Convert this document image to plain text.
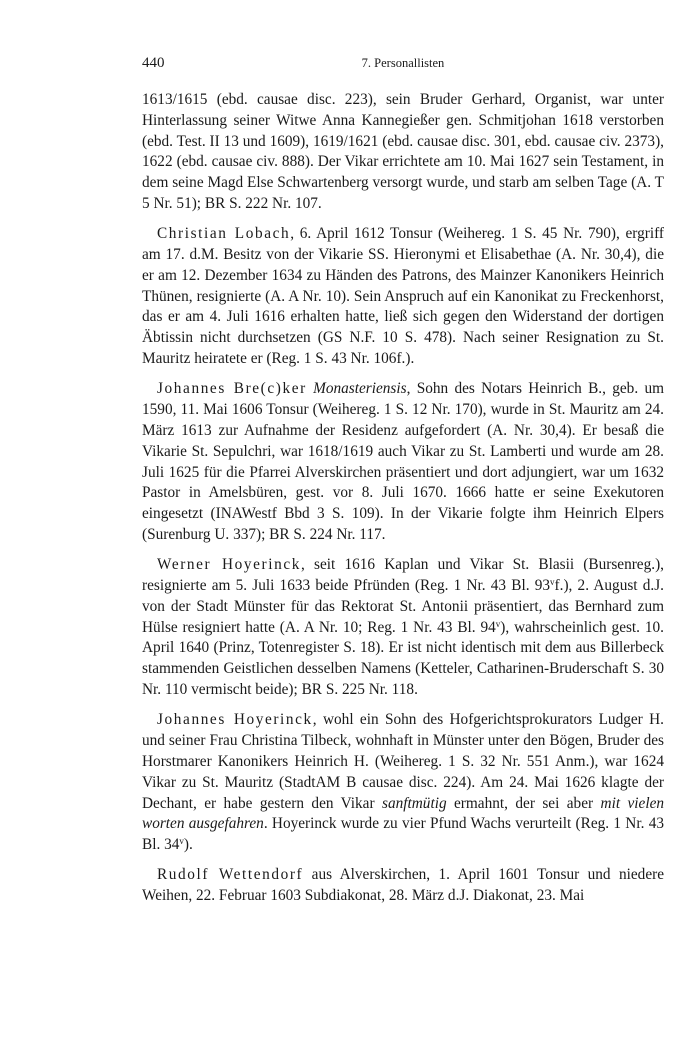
440	7. Personallisten

1613/1615 (ebd. causae disc. 223), sein Bruder Gerhard, Organist, war unter Hinterlassung seiner Witwe Anna Kannegießer gen. Schmitjohan 1618 verstorben (ebd. Test. II 13 und 1609), 1619/1621 (ebd. causae disc. 301, ebd. causae civ. 2373), 1622 (ebd. causae civ. 888). Der Vikar errichtete am 10. Mai 1627 sein Testament, in dem seine Magd Else Schwartenberg versorgt wurde, und starb am selben Tage (A. T 5 Nr. 51); BR S. 222 Nr. 107.

Christian Lobach, 6. April 1612 Tonsur (Weihereg. 1 S. 45 Nr. 790), ergriff am 17. d.M. Besitz von der Vikarie SS. Hieronymi et Elisabethae (A. Nr. 30,4), die er am 12. Dezember 1634 zu Händen des Patrons, des Mainzer Kanonikers Heinrich Thünen, resignierte (A. A Nr. 10). Sein Anspruch auf ein Kanonikat zu Freckenhorst, das er am 4. Juli 1616 erhalten hatte, ließ sich gegen den Widerstand der dortigen Äbtissin nicht durchsetzen (GS N.F. 10 S. 478). Nach seiner Resignation zu St. Mauritz heiratete er (Reg. 1 S. 43 Nr. 106f.).

Johannes Bre(c)ker Monasteriensis, Sohn des Notars Heinrich B., geb. um 1590, 11. Mai 1606 Tonsur (Weihereg. 1 S. 12 Nr. 170), wurde in St. Mauritz am 24. März 1613 zur Aufnahme der Residenz aufgefordert (A. Nr. 30,4). Er besaß die Vikarie St. Sepulchri, war 1618/1619 auch Vikar zu St. Lamberti und wurde am 28. Juli 1625 für die Pfarrei Alverskirchen präsentiert und dort adjungiert, war um 1632 Pastor in Amelsbüren, gest. vor 8. Juli 1670. 1666 hatte er seine Exekutoren eingesetzt (INAWestf Bbd 3 S. 109). In der Vikarie folgte ihm Heinrich Elpers (Surenburg U. 337); BR S. 224 Nr. 117.

Werner Hoyerinck, seit 1616 Kaplan und Vikar St. Blasii (Bursenreg.), resignierte am 5. Juli 1633 beide Pfründen (Reg. 1 Nr. 43 Bl. 93$^v$f.), 2. August d.J. von der Stadt Münster für das Rektorat St. Antonii präsentiert, das Bernhard zum Hülse resigniert hatte (A. A Nr. 10; Reg. 1 Nr. 43 Bl. 94$^v$), wahrscheinlich gest. 10. April 1640 (Prinz, Totenregister S. 18). Er ist nicht identisch mit dem aus Billerbeck stammenden Geistlichen desselben Namens (Ketteler, Catharinen-Bruderschaft S. 30 Nr. 110 vermischt beide); BR S. 225 Nr. 118.

Johannes Hoyerinck, wohl ein Sohn des Hofgerichtsprokurators Ludger H. und seiner Frau Christina Tilbeck, wohnhaft in Münster unter den Bögen, Bruder des Horstmarer Kanonikers Heinrich H. (Weihereg. 1 S. 32 Nr. 551 Anm.), war 1624 Vikar zu St. Mauritz (StadtAM B causae disc. 224). Am 24. Mai 1626 klagte der Dechant, er habe gestern den Vikar sanftmütig ermahnt, der sei aber mit vielen worten ausgefahren. Hoyerinck wurde zu vier Pfund Wachs verurteilt (Reg. 1 Nr. 43 Bl. 34$^v$).

Rudolf Wettendorf aus Alverskirchen, 1. April 1601 Tonsur und niedere Weihen, 22. Februar 1603 Subdiakonat, 28. März d.J. Diakonat, 23. Mai
